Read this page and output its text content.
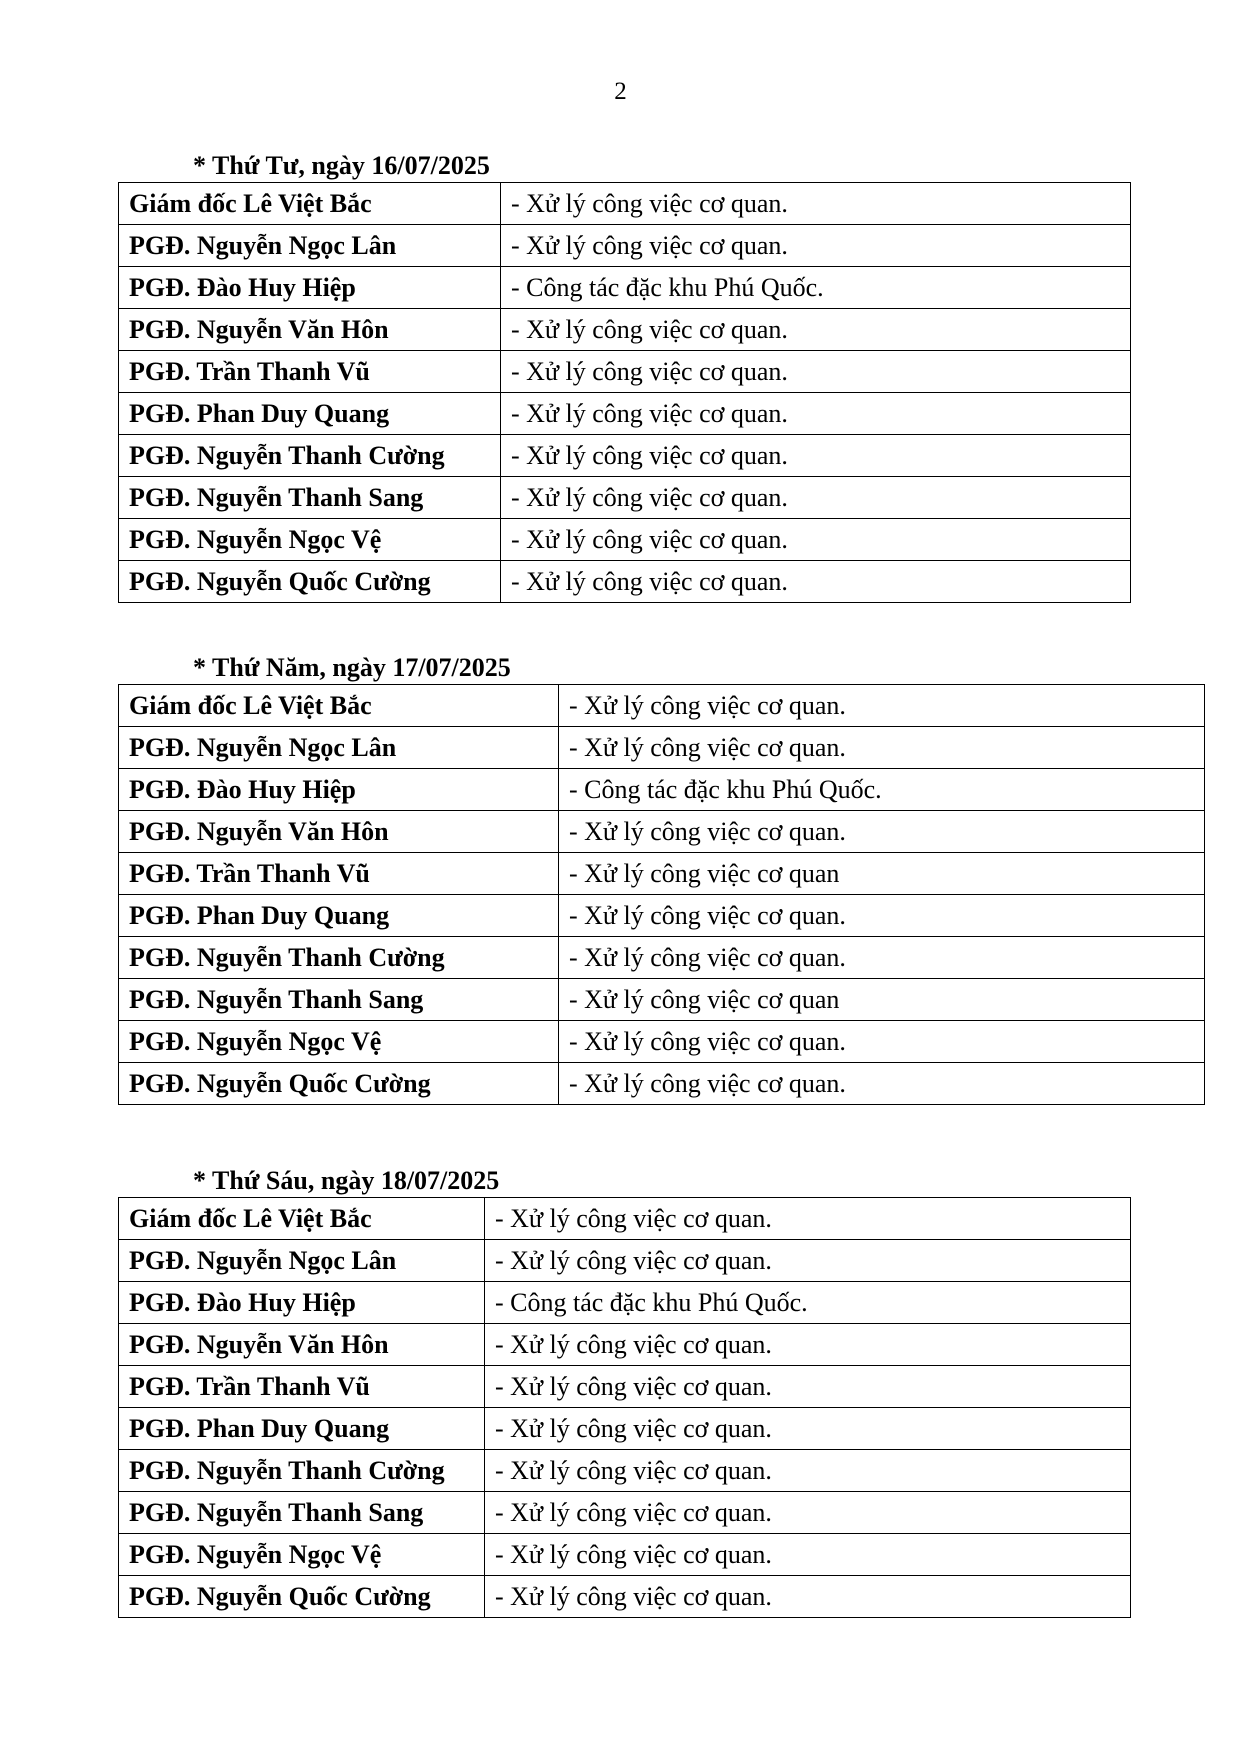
2
* Thứ Tư, ngày 16/07/2025
Giám đốc Lê Việt Bắc	- Xử lý công việc cơ quan.
PGĐ. Nguyễn Ngọc Lân	- Xử lý công việc cơ quan.
PGĐ. Đào Huy Hiệp	- Công tác đặc khu Phú Quốc.
PGĐ. Nguyễn Văn Hôn	- Xử lý công việc cơ quan.
PGĐ. Trần Thanh Vũ	- Xử lý công việc cơ quan.
PGĐ. Phan Duy Quang	- Xử lý công việc cơ quan.
PGĐ. Nguyễn Thanh Cường	- Xử lý công việc cơ quan.
PGĐ. Nguyễn Thanh Sang	- Xử lý công việc cơ quan.
PGĐ. Nguyễn Ngọc Vệ	- Xử lý công việc cơ quan.
PGĐ. Nguyễn Quốc Cường	- Xử lý công việc cơ quan.
* Thứ Năm, ngày 17/07/2025
Giám đốc Lê Việt Bắc	- Xử lý công việc cơ quan.
PGĐ. Nguyễn Ngọc Lân	- Xử lý công việc cơ quan.
PGĐ. Đào Huy Hiệp	- Công tác đặc khu Phú Quốc.
PGĐ. Nguyễn Văn Hôn	- Xử lý công việc cơ quan.
PGĐ. Trần Thanh Vũ	- Xử lý công việc cơ quan
PGĐ. Phan Duy Quang	- Xử lý công việc cơ quan.
PGĐ. Nguyễn Thanh Cường	- Xử lý công việc cơ quan.
PGĐ. Nguyễn Thanh Sang	- Xử lý công việc cơ quan
PGĐ. Nguyễn Ngọc Vệ	- Xử lý công việc cơ quan.
PGĐ. Nguyễn Quốc Cường	- Xử lý công việc cơ quan.
* Thứ Sáu, ngày 18/07/2025
Giám đốc Lê Việt Bắc	- Xử lý công việc cơ quan.
PGĐ. Nguyễn Ngọc Lân	- Xử lý công việc cơ quan.
PGĐ. Đào Huy Hiệp	- Công tác đặc khu Phú Quốc.
PGĐ. Nguyễn Văn Hôn	- Xử lý công việc cơ quan.
PGĐ. Trần Thanh Vũ	- Xử lý công việc cơ quan.
PGĐ. Phan Duy Quang	- Xử lý công việc cơ quan.
PGĐ. Nguyễn Thanh Cường	- Xử lý công việc cơ quan.
PGĐ. Nguyễn Thanh Sang	- Xử lý công việc cơ quan.
PGĐ. Nguyễn Ngọc Vệ	- Xử lý công việc cơ quan.
PGĐ. Nguyễn Quốc Cường	- Xử lý công việc cơ quan.
